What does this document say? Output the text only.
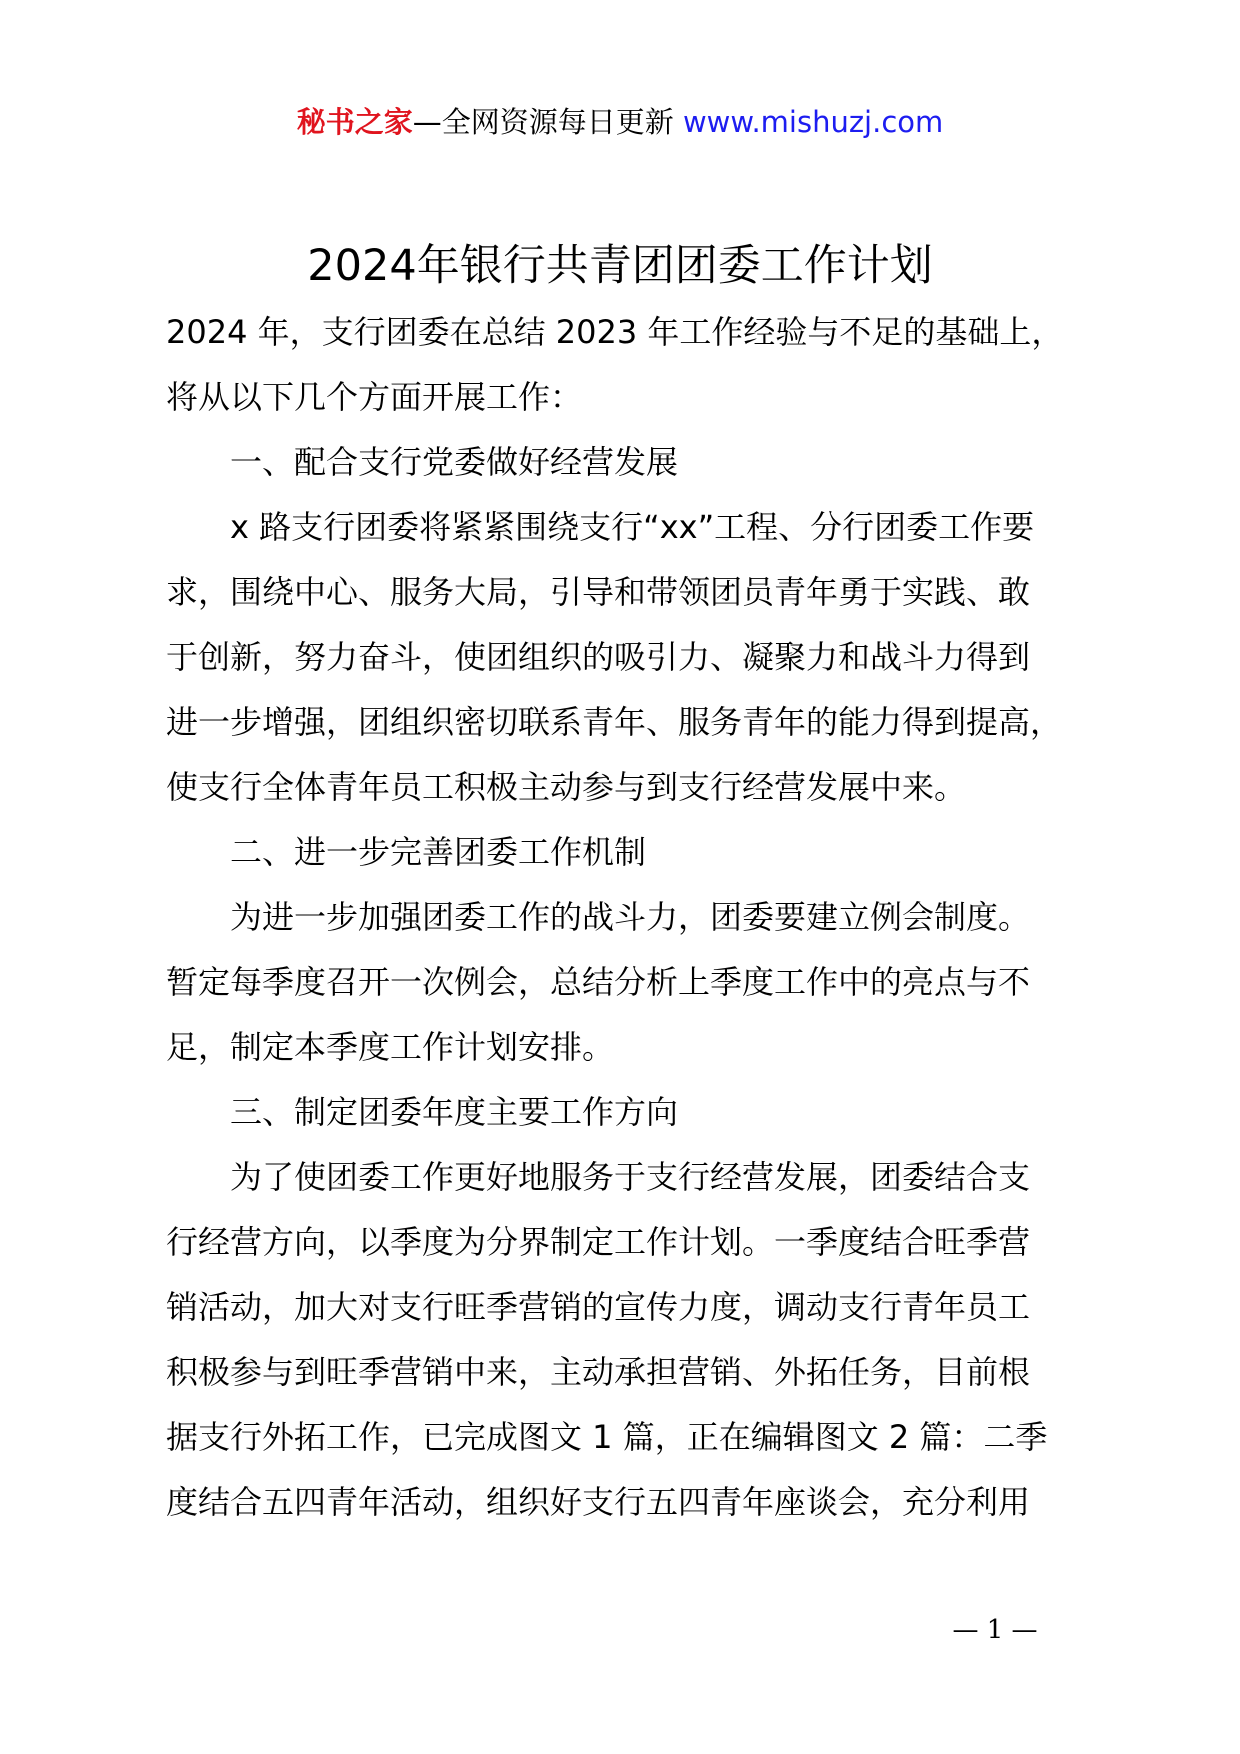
秘书之家—全网资源每日更新 www.mishuzj.com
2024年银行共青团团委工作计划

2024 年，支行团委在总结 2023 年工作经验与不足的基础上，

将从以下几个方面开展工作：

一、配合支行党委做好经营发展

x 路支行团委将紧紧围绕支行“xx”工程、分行团委工作要

求，围绕中心、服务大局，引导和带领团员青年勇于实践、敢

于创新，努力奋斗，使团组织的吸引力、凝聚力和战斗力得到

进一步增强，团组织密切联系青年、服务青年的能力得到提高，

使支行全体青年员工积极主动参与到支行经营发展中来。

二、进一步完善团委工作机制

为进一步加强团委工作的战斗力，团委要建立例会制度。

暂定每季度召开一次例会，总结分析上季度工作中的亮点与不

足，制定本季度工作计划安排。

三、制定团委年度主要工作方向

为了使团委工作更好地服务于支行经营发展，团委结合支

行经营方向，以季度为分界制定工作计划。一季度结合旺季营

销活动，加大对支行旺季营销的宣传力度，调动支行青年员工

积极参与到旺季营销中来，主动承担营销、外拓任务，目前根

据支行外拓工作，已完成图文 1 篇，正在编辑图文 2 篇：二季

度结合五四青年活动，组织好支行五四青年座谈会，充分利用

— 1 —
